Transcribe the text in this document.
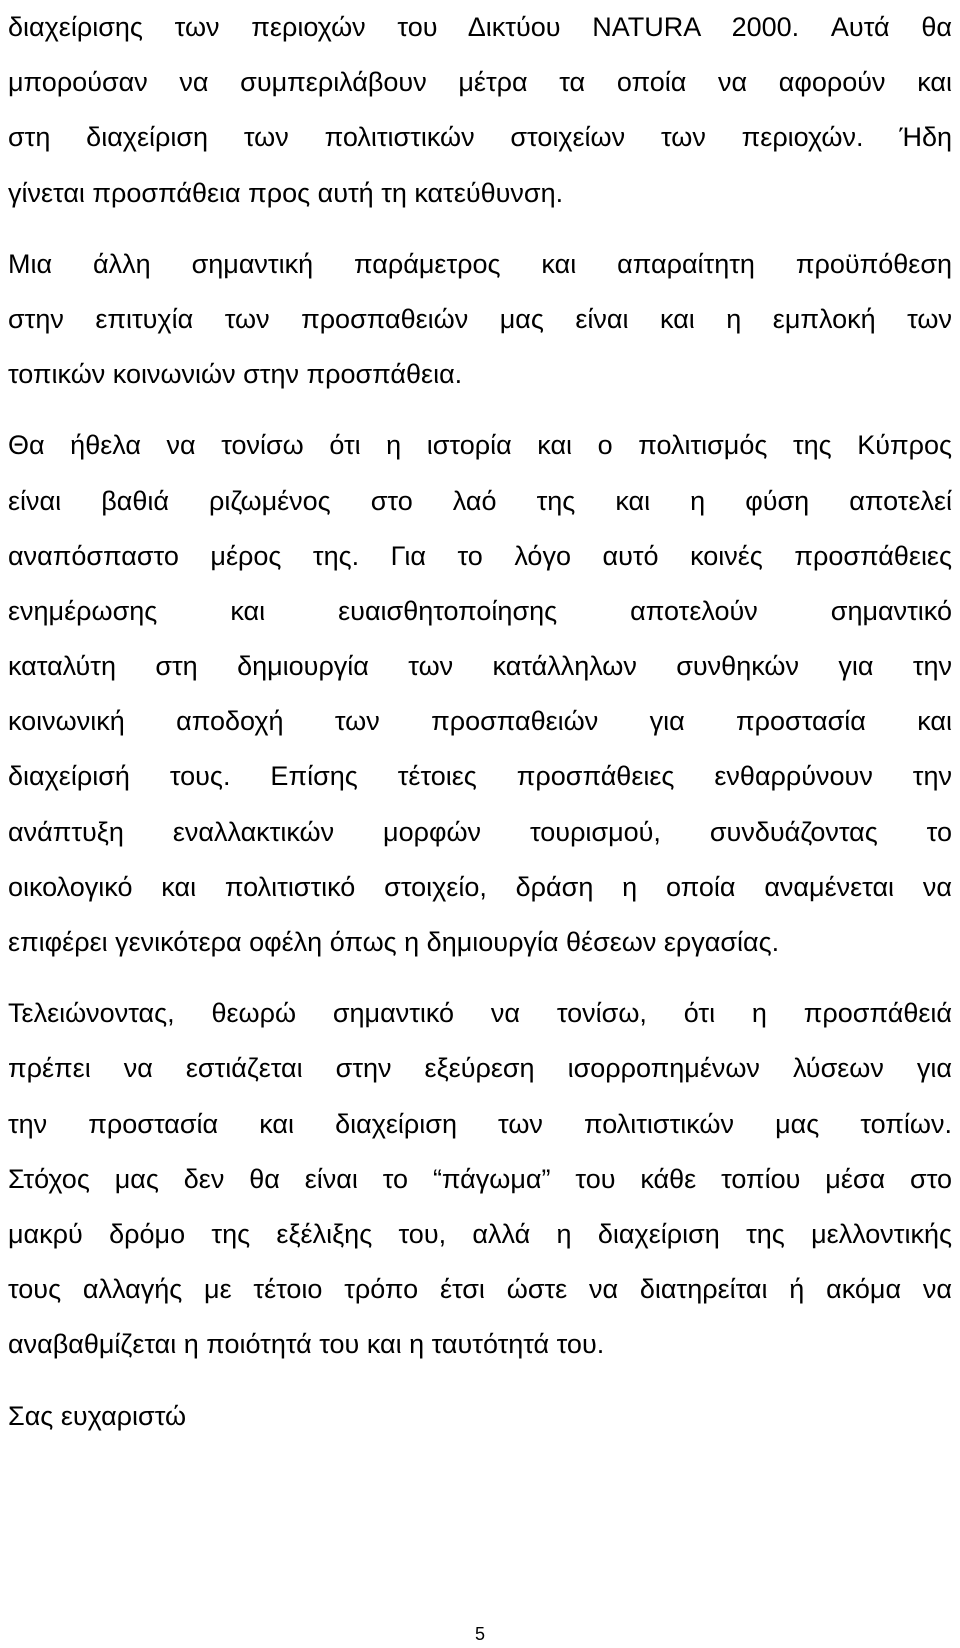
διαχείρισης των περιοχών του Δικτύου NATURA 2000. Αυτά θα
μπορούσαν να συμπεριλάβουν μέτρα τα οποία να αφορούν και
στη διαχείριση των πολιτιστικών στοιχείων των περιοχών. Ήδη
γίνεται προσπάθεια προς αυτή τη κατεύθυνση.
Μια άλλη σημαντική παράμετρος και απαραίτητη προϋπόθεση
στην επιτυχία των προσπαθειών μας είναι και η εμπλοκή των
τοπικών κοινωνιών στην προσπάθεια.
Θα ήθελα να τονίσω ότι η ιστορία και ο πολιτισμός της Κύπρος
είναι βαθιά ριζωμένος στο λαό της και η φύση αποτελεί
αναπόσπαστο μέρος της. Για το λόγο αυτό κοινές προσπάθειες
ενημέρωσης και ευαισθητοποίησης αποτελούν σημαντικό
καταλύτη στη δημιουργία των κατάλληλων συνθηκών για την
κοινωνική αποδοχή των προσπαθειών για προστασία και
διαχείρισή τους. Επίσης τέτοιες προσπάθειες ενθαρρύνουν την
ανάπτυξη εναλλακτικών μορφών τουρισμού, συνδυάζοντας το
οικολογικό και πολιτιστικό στοιχείο, δράση η οποία αναμένεται να
επιφέρει γενικότερα οφέλη όπως η δημιουργία θέσεων εργασίας.
Τελειώνοντας, θεωρώ σημαντικό να τονίσω, ότι η προσπάθειά
πρέπει να εστιάζεται στην εξεύρεση ισορροπημένων λύσεων για
την προστασία και διαχείριση των πολιτιστικών μας τοπίων.
Στόχος μας δεν θα είναι το “πάγωμα” του κάθε τοπίου μέσα στο
μακρύ δρόμο της εξέλιξης του, αλλά η διαχείριση της μελλοντικής
τους αλλαγής με τέτοιο τρόπο έτσι ώστε να διατηρείται ή ακόμα να
αναβαθμίζεται η ποιότητά του και η ταυτότητά του.
Σας ευχαριστώ
5
